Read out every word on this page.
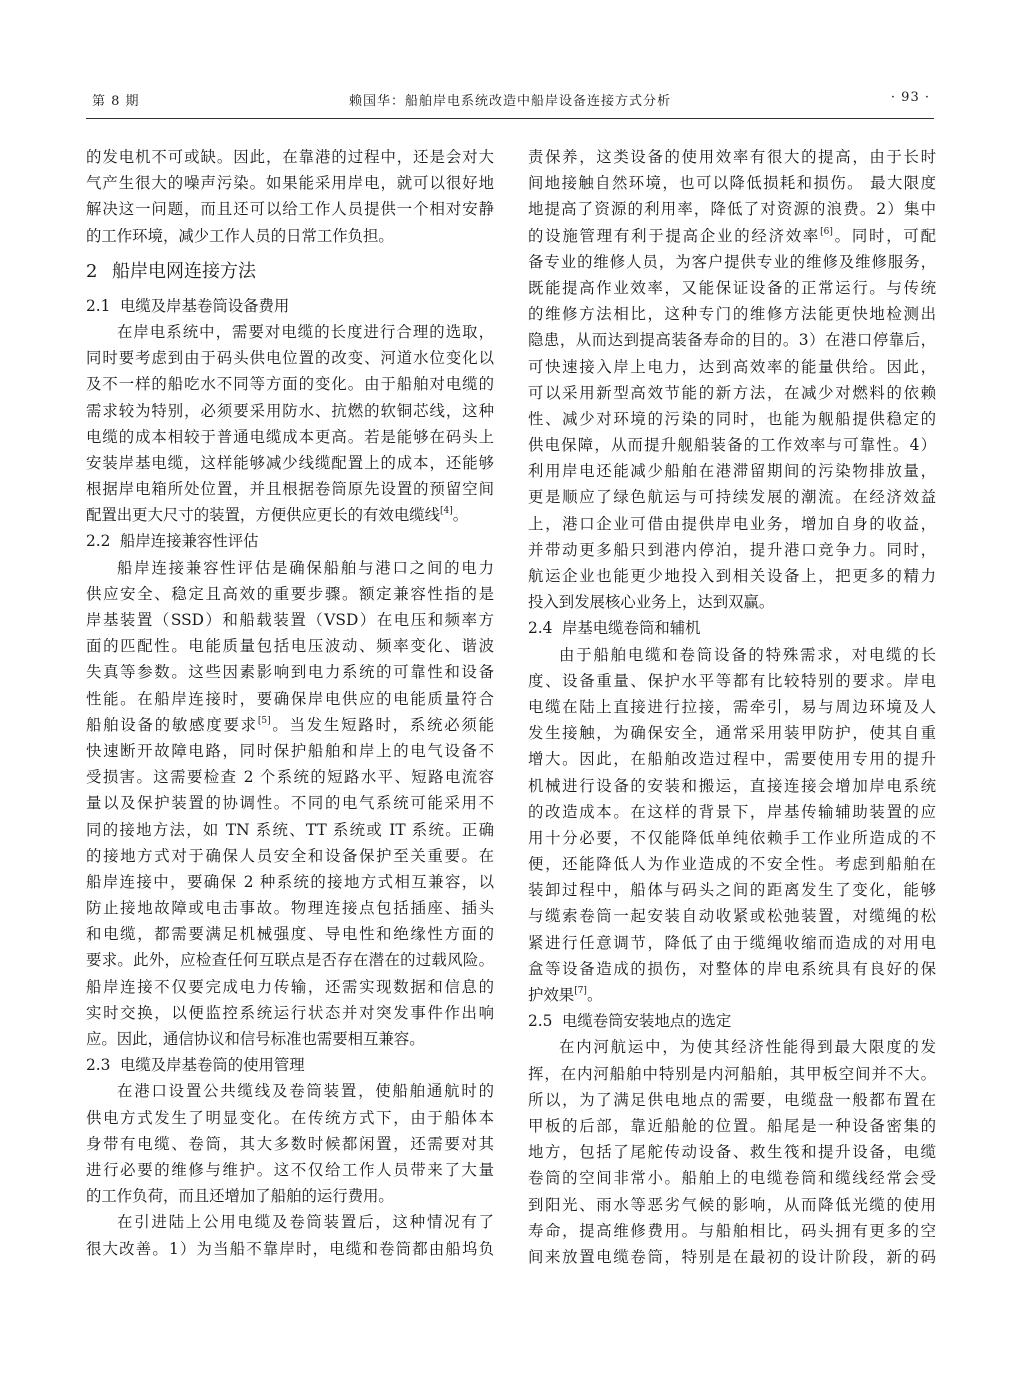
第 8 期	赖国华：船舶岸电系统改造中船岸设备连接方式分析	· 93 ·
的发电机不可或缺。因此，在靠港的过程中，还是会对大
气产生很大的噪声污染。如果能采用岸电，就可以很好地
解决这一问题，而且还可以给工作人员提供一个相对安静
的工作环境，减少工作人员的日常工作负担。
2 船岸电网连接方法
2.1 电缆及岸基卷筒设备费用
在岸电系统中，需要对电缆的长度进行合理的选取，
同时要考虑到由于码头供电位置的改变、河道水位变化以
及不一样的船吃水不同等方面的变化。由于船舶对电缆的
需求较为特别，必须要采用防水、抗燃的软铜芯线，这种
电缆的成本相较于普通电缆成本更高。若是能够在码头上
安装岸基电缆，这样能够减少线缆配置上的成本，还能够
根据岸电箱所处位置，并且根据卷筒原先设置的预留空间
配置出更大尺寸的装置，方便供应更长的有效电缆线[4]。
2.2 船岸连接兼容性评估
船岸连接兼容性评估是确保船舶与港口之间的电力
供应安全、稳定且高效的重要步骤。额定兼容性指的是
岸基装置（SSD）和船载装置（VSD）在电压和频率方
面的匹配性。电能质量包括电压波动、频率变化、谐波
失真等参数。这些因素影响到电力系统的可靠性和设备
性能。在船岸连接时，要确保岸电供应的电能质量符合
船舶设备的敏感度要求[5]。当发生短路时，系统必须能
快速断开故障电路，同时保护船舶和岸上的电气设备不
受损害。这需要检查 2 个系统的短路水平、短路电流容
量以及保护装置的协调性。不同的电气系统可能采用不
同的接地方法，如 TN 系统、TT 系统或 IT 系统。正确
的接地方式对于确保人员安全和设备保护至关重要。在
船岸连接中，要确保 2 种系统的接地方式相互兼容，以
防止接地故障或电击事故。物理连接点包括插座、插头
和电缆，都需要满足机械强度、导电性和绝缘性方面的
要求。此外，应检查任何互联点是否存在潜在的过载风险。
船岸连接不仅要完成电力传输，还需实现数据和信息的
实时交换，以便监控系统运行状态并对突发事件作出响
应。因此，通信协议和信号标准也需要相互兼容。
2.3 电缆及岸基卷筒的使用管理
在港口设置公共缆线及卷筒装置，使船舶通航时的
供电方式发生了明显变化。在传统方式下，由于船体本
身带有电缆、卷筒，其大多数时候都闲置，还需要对其
进行必要的维修与维护。这不仅给工作人员带来了大量
的工作负荷，而且还增加了船舶的运行费用。
在引进陆上公用电缆及卷筒装置后，这种情况有了
很大改善。1）为当船不靠岸时，电缆和卷筒都由船坞负
责保养，这类设备的使用效率有很大的提高，由于长时
间地接触自然环境，也可以降低损耗和损伤。 最大限度
地提高了资源的利用率，降低了对资源的浪费。2）集中
的设施管理有利于提高企业的经济效率[6]。同时，可配
备专业的维修人员，为客户提供专业的维修及维修服务，
既能提高作业效率，又能保证设备的正常运行。与传统
的维修方法相比，这种专门的维修方法能更快地检测出
隐患，从而达到提高装备寿命的目的。3）在港口停靠后，
可快速接入岸上电力，达到高效率的能量供给。因此，
可以采用新型高效节能的新方法，在减少对燃料的依赖
性、减少对环境的污染的同时，也能为舰船提供稳定的
供电保障，从而提升舰船装备的工作效率与可靠性。4）
利用岸电还能减少船舶在港滞留期间的污染物排放量，
更是顺应了绿色航运与可持续发展的潮流。在经济效益
上，港口企业可借由提供岸电业务，增加自身的收益，
并带动更多船只到港内停泊，提升港口竞争力。同时，
航运企业也能更少地投入到相关设备上，把更多的精力
投入到发展核心业务上，达到双赢。
2.4 岸基电缆卷筒和辅机
由于船舶电缆和卷筒设备的特殊需求，对电缆的长
度、设备重量、保护水平等都有比较特别的要求。岸电
电缆在陆上直接进行拉接，需牵引，易与周边环境及人
发生接触，为确保安全，通常采用装甲防护，使其自重
增大。因此，在船舶改造过程中，需要使用专用的提升
机械进行设备的安装和搬运，直接连接会增加岸电系统
的改造成本。在这样的背景下，岸基传输辅助装置的应
用十分必要，不仅能降低单纯依赖手工作业所造成的不
便，还能降低人为作业造成的不安全性。考虑到船舶在
装卸过程中，船体与码头之间的距离发生了变化，能够
与缆索卷筒一起安装自动收紧或松弛装置，对缆绳的松
紧进行任意调节，降低了由于缆绳收缩而造成的对用电
盒等设备造成的损伤，对整体的岸电系统具有良好的保
护效果[7]。
2.5 电缆卷筒安装地点的选定
在内河航运中，为使其经济性能得到最大限度的发
挥，在内河船舶中特别是内河船舶，其甲板空间并不大。
所以，为了满足供电地点的需要，电缆盘一般都布置在
甲板的后部，靠近船舱的位置。船尾是一种设备密集的
地方，包括了尾舵传动设备、救生筏和提升设备，电缆
卷筒的空间非常小。船舶上的电缆卷筒和缆线经常会受
到阳光、雨水等恶劣气候的影响，从而降低光缆的使用
寿命，提高维修费用。与船舶相比，码头拥有更多的空
间来放置电缆卷筒，特别是在最初的设计阶段，新的码
